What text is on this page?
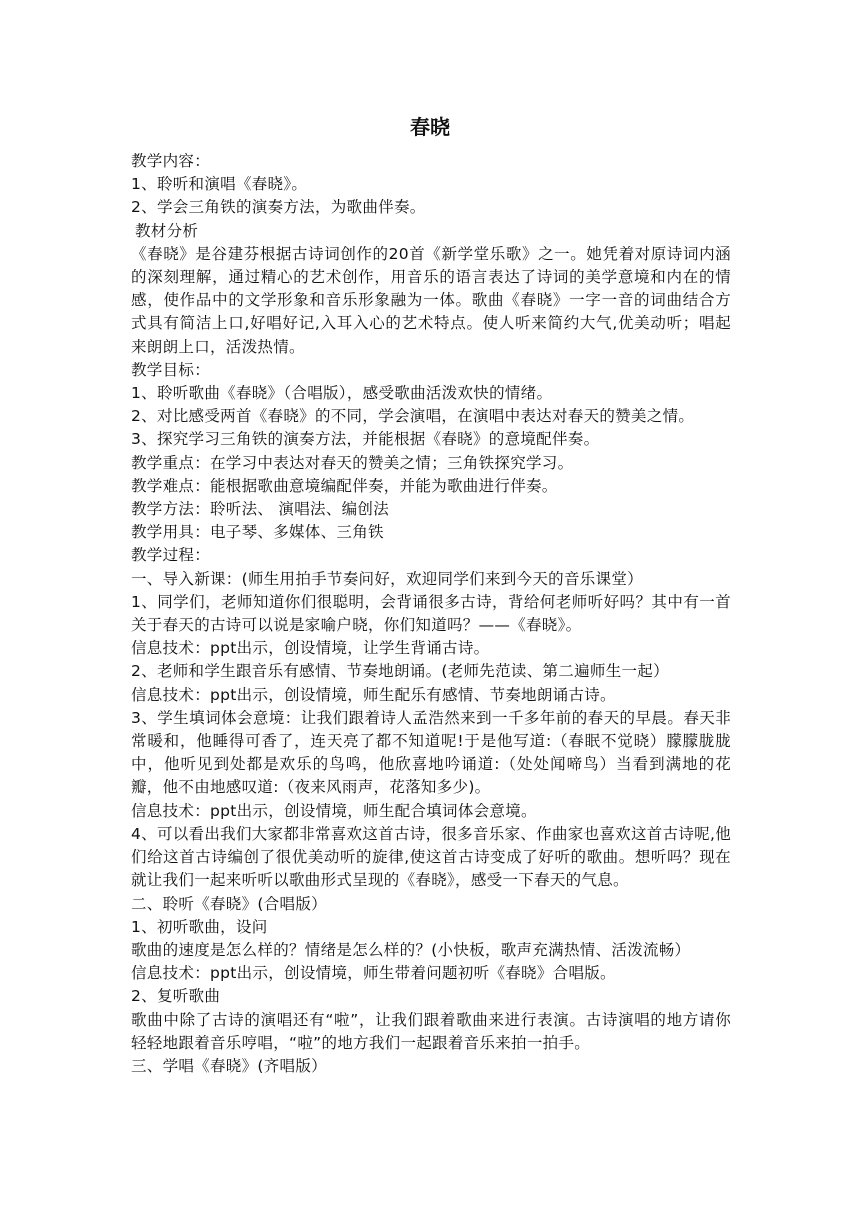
春晓

教学内容：

1、聆听和演唱《春晓》。

2、学会三角铁的演奏方法，为歌曲伴奏。

教材分析

《春晓》是谷建芬根据古诗词创作的20首《新学堂乐歌》之一。她凭着对原诗词内涵的深刻理解，通过精心的艺术创作，用音乐的语言表达了诗词的美学意境和内在的情感，使作品中的文学形象和音乐形象融为一体。歌曲《春晓》一字一音的词曲结合方式具有简洁上口,好唱好记,入耳入心的艺术特点。使人听来简约大气,优美动听；唱起来朗朗上口，活泼热情。

教学目标：

1、聆听歌曲《春晓》（合唱版），感受歌曲活泼欢快的情绪。

2、对比感受两首《春晓》的不同，学会演唱，在演唱中表达对春天的赞美之情。

3、探究学习三角铁的演奏方法，并能根据《春晓》的意境配伴奏。

教学重点：在学习中表达对春天的赞美之情；三角铁探究学习。

教学难点：能根据歌曲意境编配伴奏，并能为歌曲进行伴奏。

教学方法：聆听法、 演唱法、编创法

教学用具：电子琴、多媒体、三角铁

教学过程：

一、导入新课：(师生用拍手节奏问好，欢迎同学们来到今天的音乐课堂）

1、同学们，老师知道你们很聪明，会背诵很多古诗，背给何老师听好吗？其中有一首关于春天的古诗可以说是家喻户晓，你们知道吗？——《春晓》。

信息技术：ppt出示，创设情境，让学生背诵古诗。

2、老师和学生跟音乐有感情、节奏地朗诵。(老师先范读、第二遍师生一起）

信息技术：ppt出示，创设情境，师生配乐有感情、节奏地朗诵古诗。

3、学生填词体会意境：让我们跟着诗人孟浩然来到一千多年前的春天的早晨。春天非常暖和，他睡得可香了，连天亮了都不知道呢!于是他写道:（春眠不觉晓）朦朦胧胧中，他听见到处都是欢乐的鸟鸣，他欣喜地吟诵道:（处处闻啼鸟）当看到满地的花瓣，他不由地感叹道:（夜来风雨声，花落知多少)。

信息技术：ppt出示，创设情境，师生配合填词体会意境。

4、可以看出我们大家都非常喜欢这首古诗，很多音乐家、作曲家也喜欢这首古诗呢,他们给这首古诗编创了很优美动听的旋律,使这首古诗变成了好听的歌曲。想听吗？现在就让我们一起来听听以歌曲形式呈现的《春晓》，感受一下春天的气息。

二、聆听《春晓》(合唱版）

1、初听歌曲，设问

歌曲的速度是怎么样的？情绪是怎么样的？(小快板，歌声充满热情、活泼流畅）

信息技术：ppt出示，创设情境，师生带着问题初听《春晓》合唱版。

2、复听歌曲

歌曲中除了古诗的演唱还有“啦”，让我们跟着歌曲来进行表演。古诗演唱的地方请你轻轻地跟着音乐哼唱，“啦”的地方我们一起跟着音乐来拍一拍手。

三、学唱《春晓》(齐唱版）
